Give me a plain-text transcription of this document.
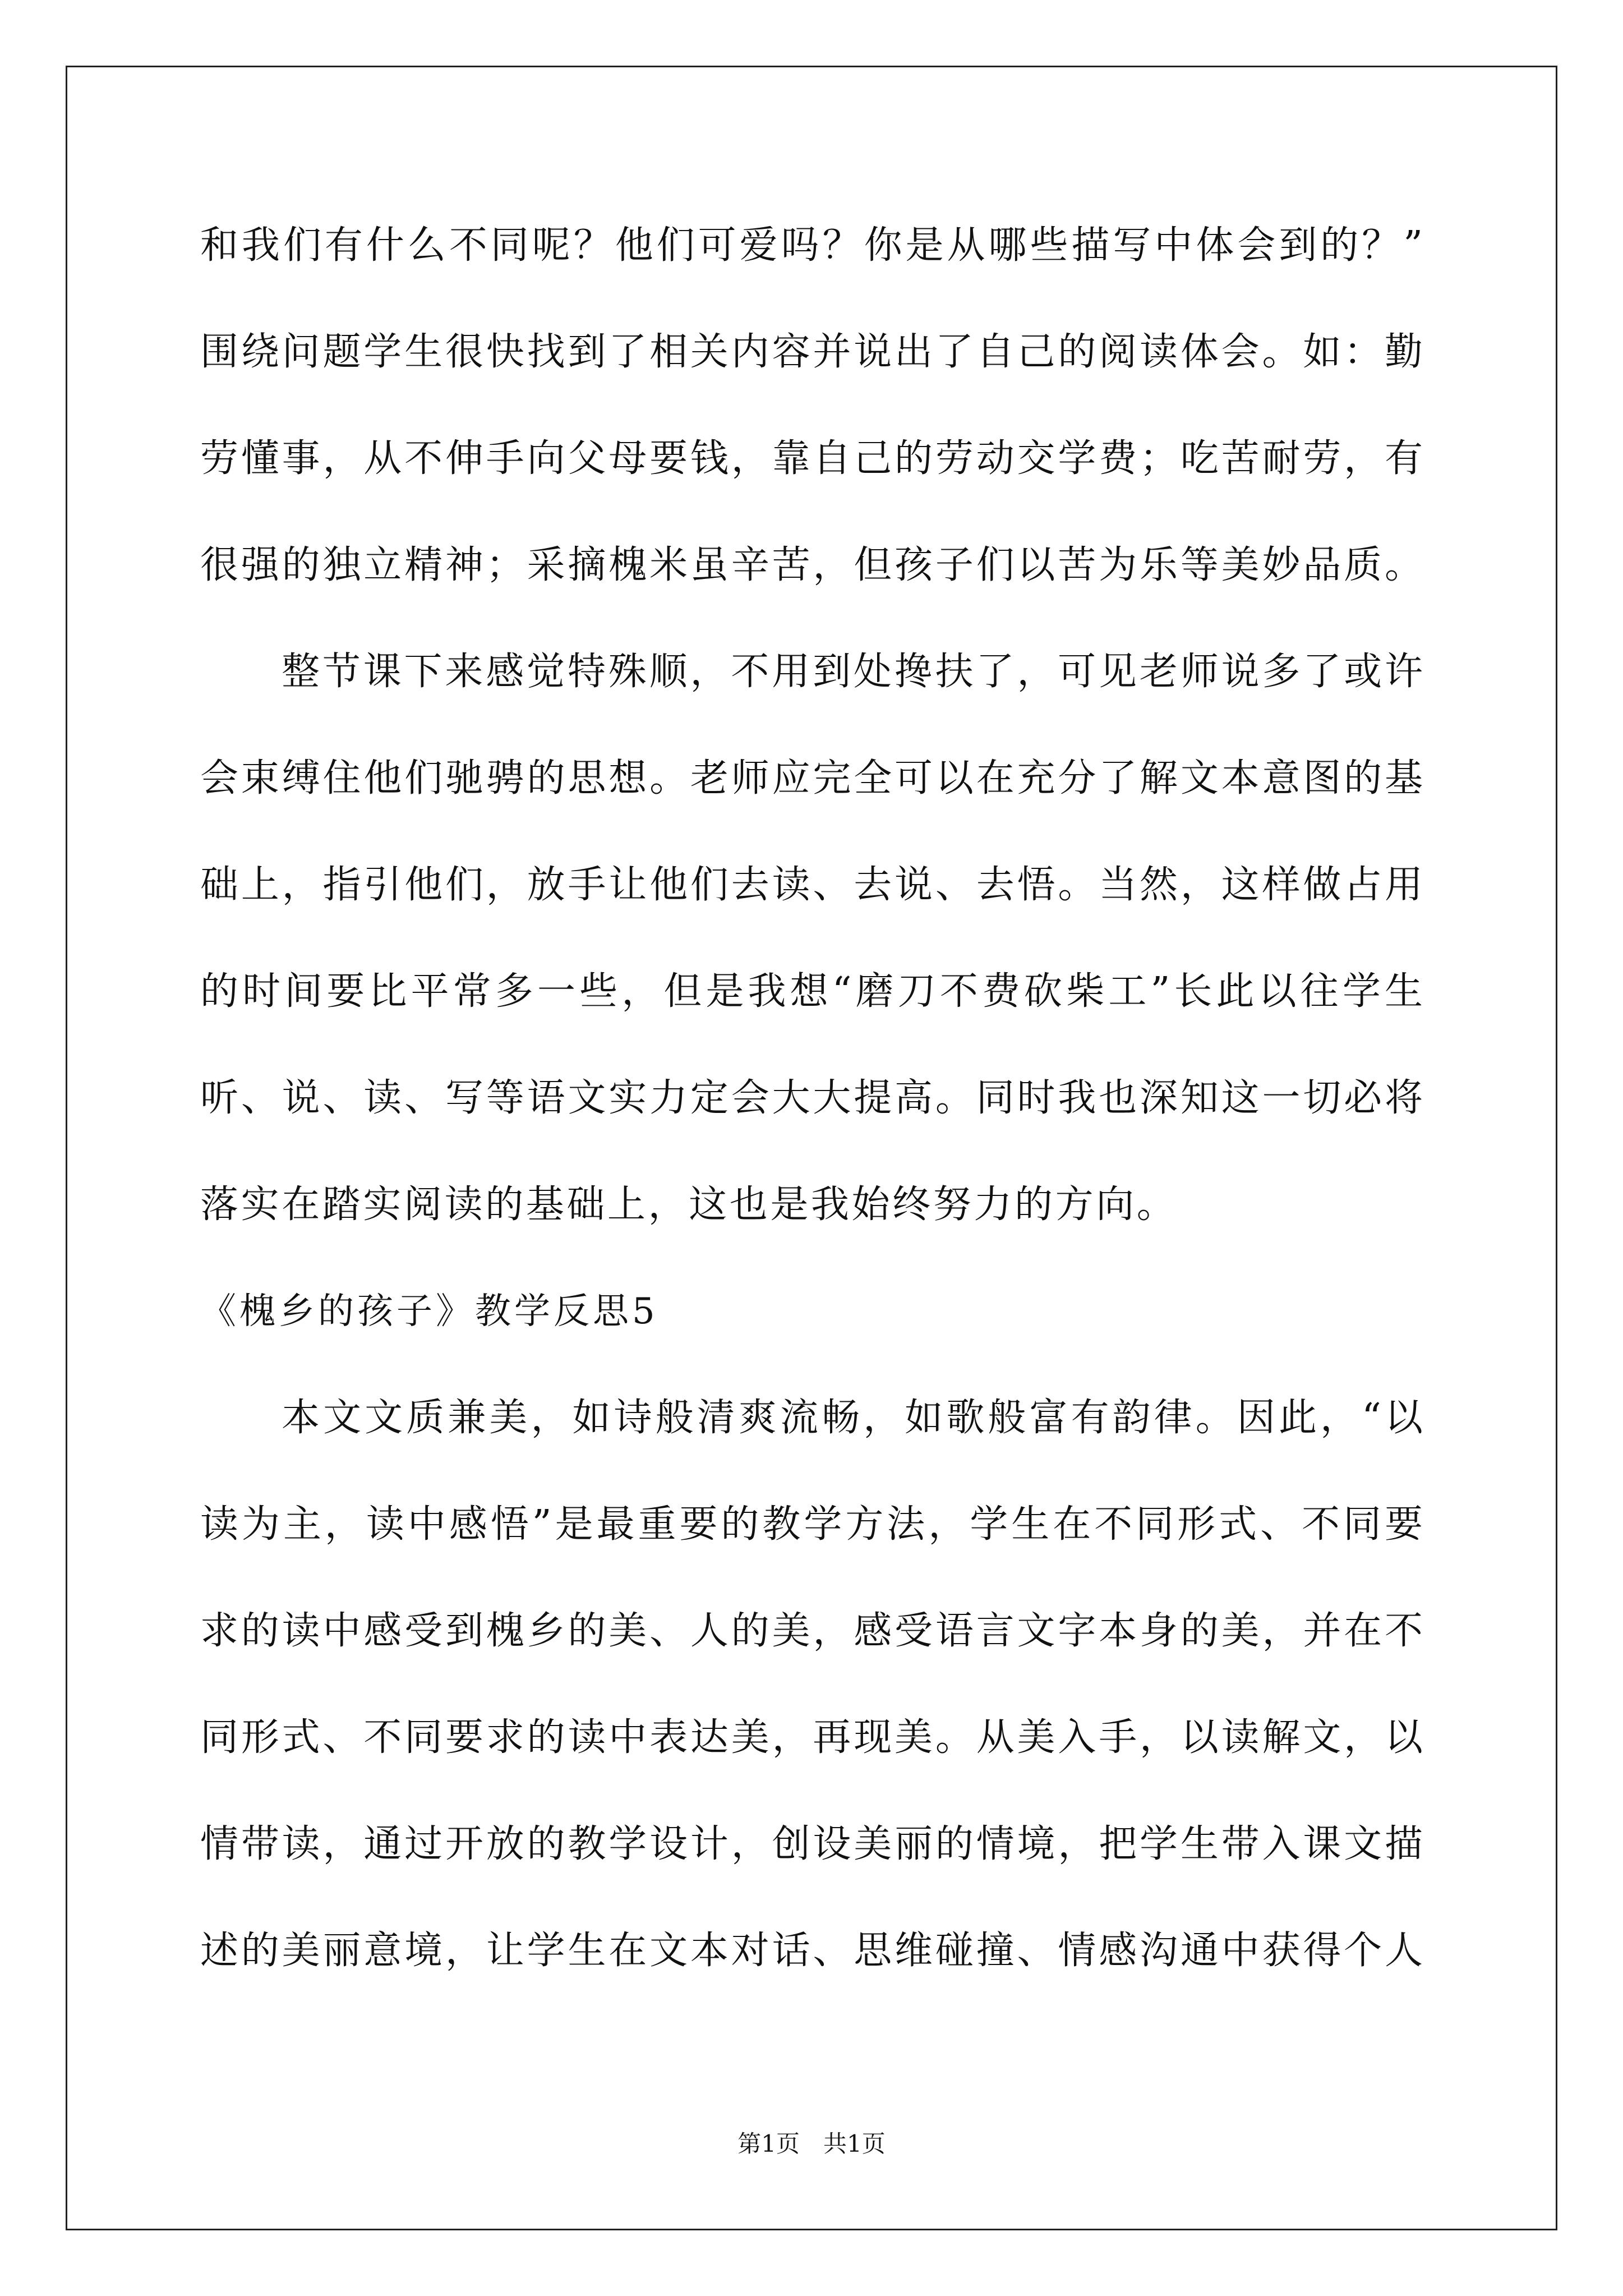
和我们有什么不同呢？他们可爱吗？你是从哪些描写中体会到的？”
围绕问题学生很快找到了相关内容并说出了自己的阅读体会。如：勤
劳懂事，从不伸手向父母要钱，靠自己的劳动交学费；吃苦耐劳，有
很强的独立精神；采摘槐米虽辛苦，但孩子们以苦为乐等美妙品质。
整节课下来感觉特殊顺，不用到处搀扶了，可见老师说多了或许
会束缚住他们驰骋的思想。老师应完全可以在充分了解文本意图的基
础上，指引他们，放手让他们去读、去说、去悟。当然，这样做占用
的时间要比平常多一些，但是我想“磨刀不费砍柴工”长此以往学生
听、说、读、写等语文实力定会大大提高。同时我也深知这一切必将
落实在踏实阅读的基础上，这也是我始终努力的方向。
《槐乡的孩子》教学反思5
本文文质兼美，如诗般清爽流畅，如歌般富有韵律。因此，“以
读为主，读中感悟”是最重要的教学方法，学生在不同形式、不同要
求的读中感受到槐乡的美、人的美，感受语言文字本身的美，并在不
同形式、不同要求的读中表达美，再现美。从美入手，以读解文，以
情带读，通过开放的教学设计，创设美丽的情境，把学生带入课文描
述的美丽意境，让学生在文本对话、思维碰撞、情感沟通中获得个人
第1页　共1页
